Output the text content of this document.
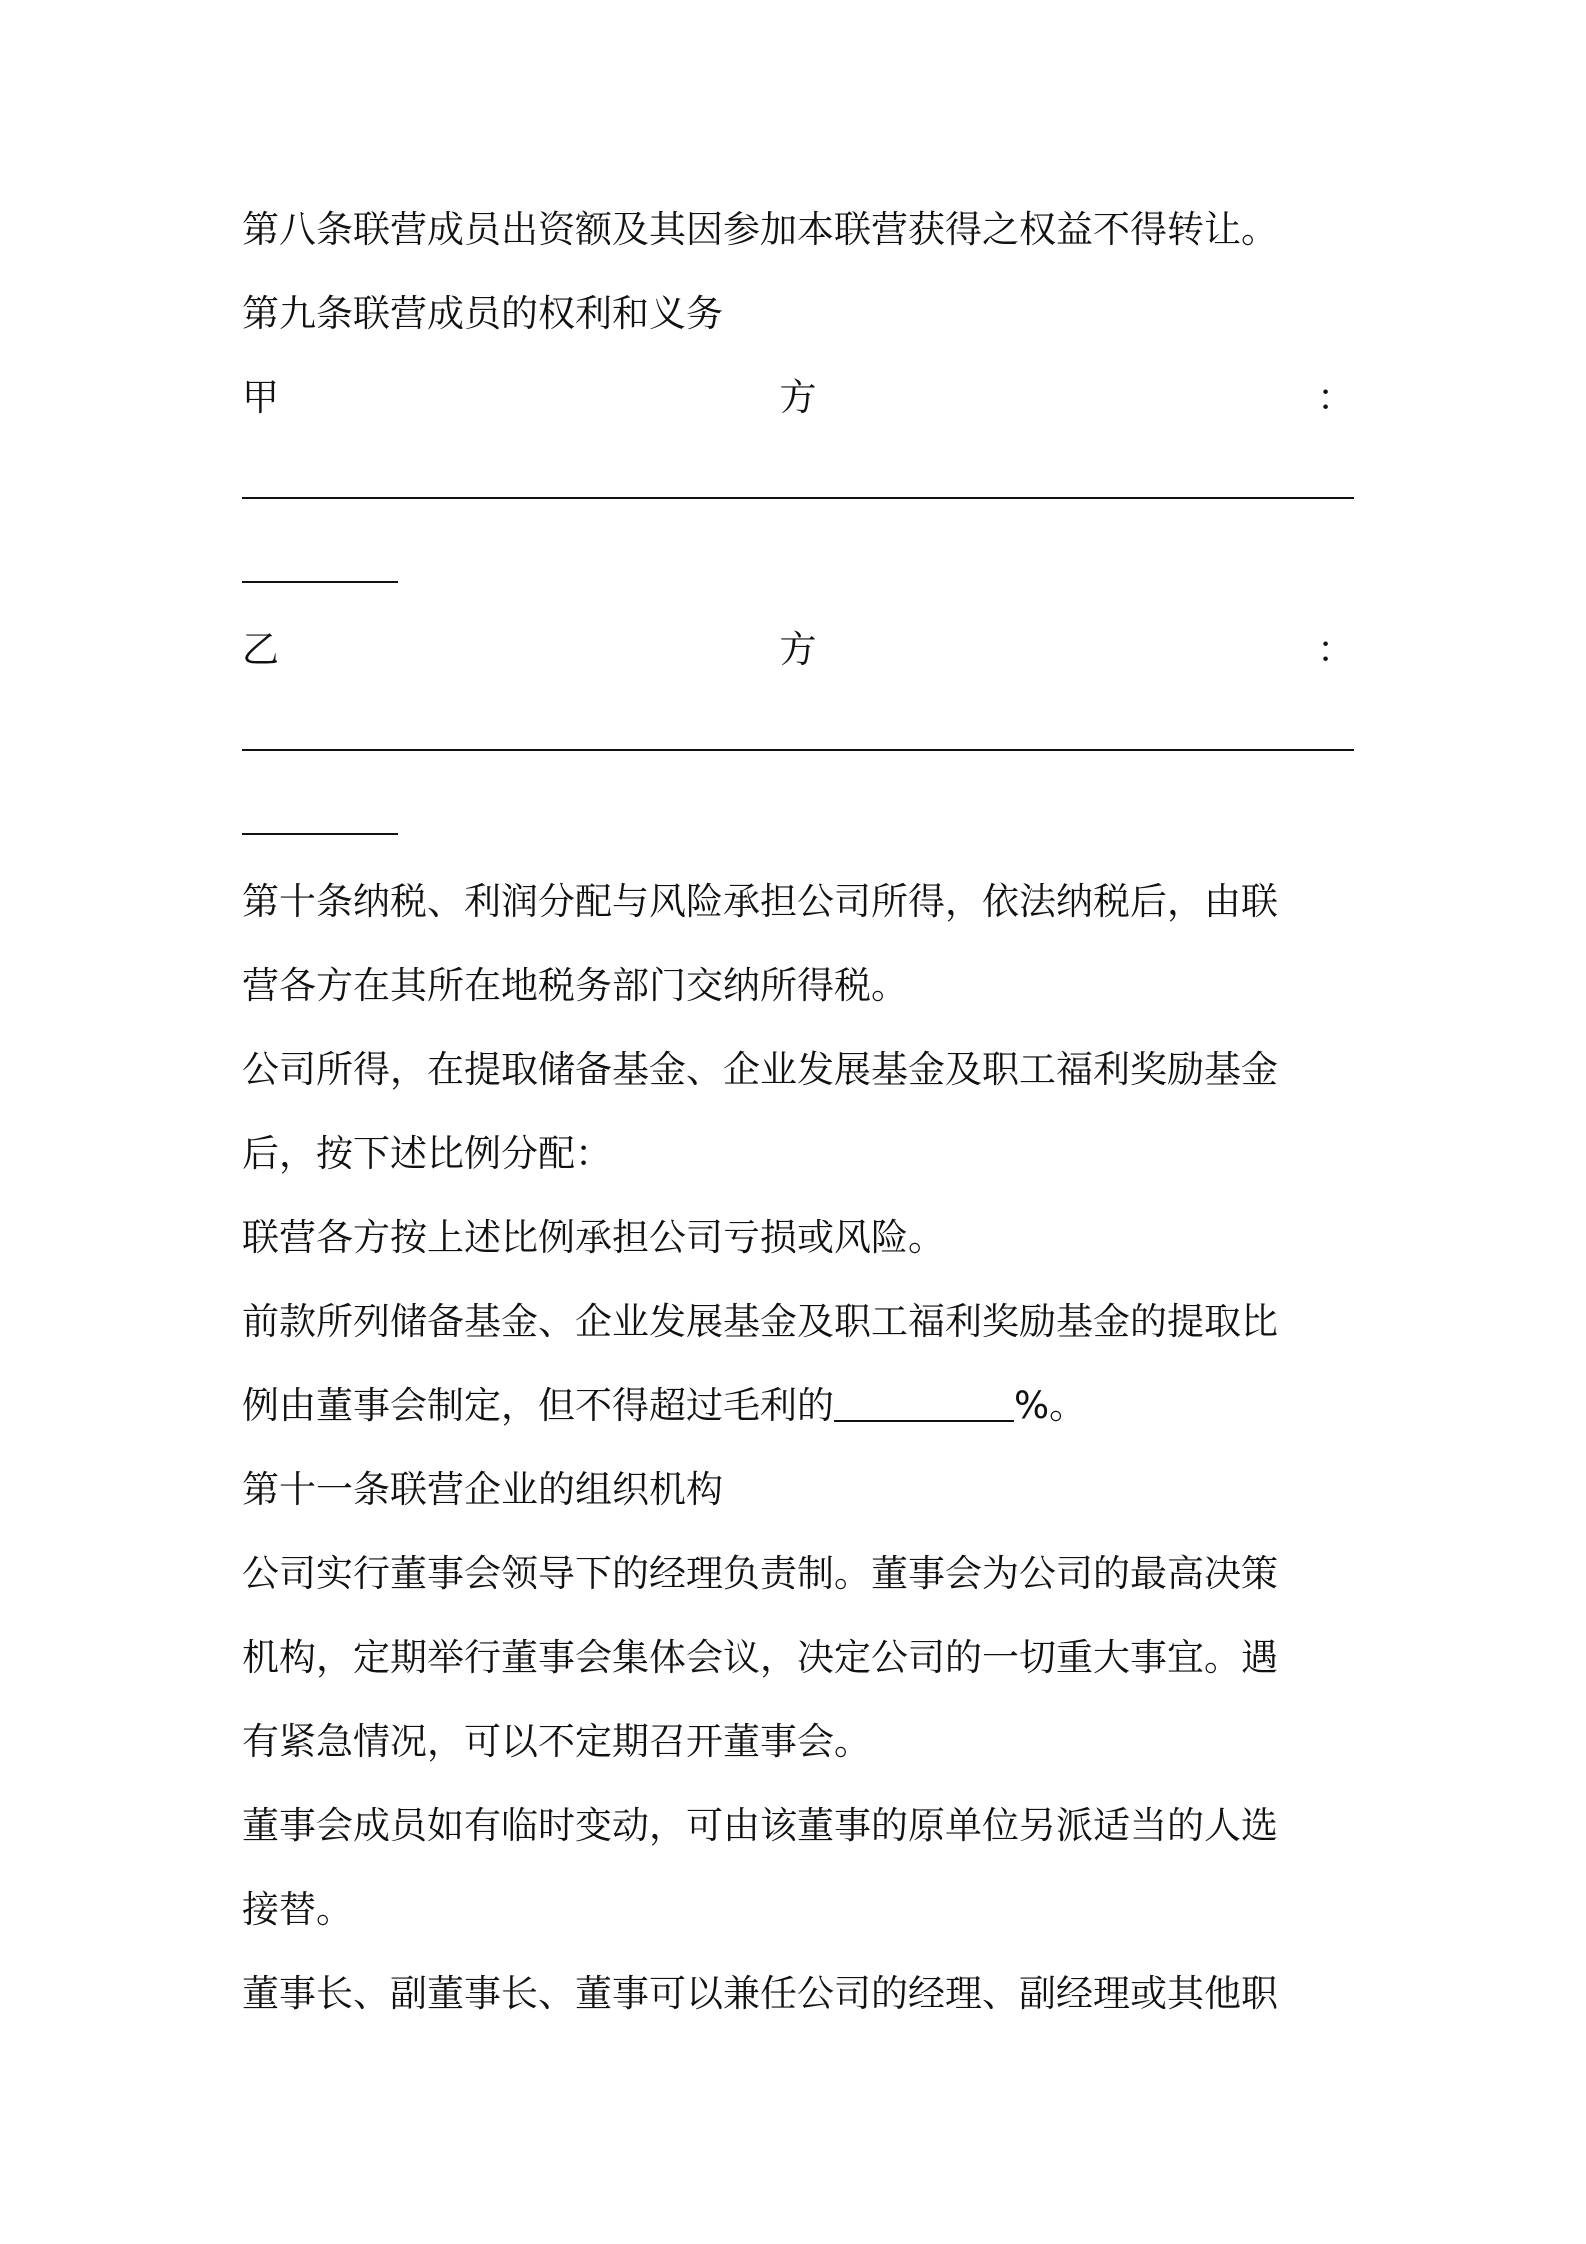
第八条联营成员出资额及其因参加本联营获得之权益不得转让。
第九条联营成员的权利和义务
甲	方	：
乙	方	：
第十条纳税、利润分配与风险承担公司所得，依法纳税后，由联
营各方在其所在地税务部门交纳所得税。
公司所得，在提取储备基金、企业发展基金及职工福利奖励基金
后，按下述比例分配：
联营各方按上述比例承担公司亏损或风险。
前款所列储备基金、企业发展基金及职工福利奖励基金的提取比
例由董事会制定，但不得超过毛利的	%。
第十一条联营企业的组织机构
公司实行董事会领导下的经理负责制。董事会为公司的最高决策
机构，定期举行董事会集体会议，决定公司的一切重大事宜。遇
有紧急情况，可以不定期召开董事会。
董事会成员如有临时变动，可由该董事的原单位另派适当的人选
接替。
董事长、副董事长、董事可以兼任公司的经理、副经理或其他职
